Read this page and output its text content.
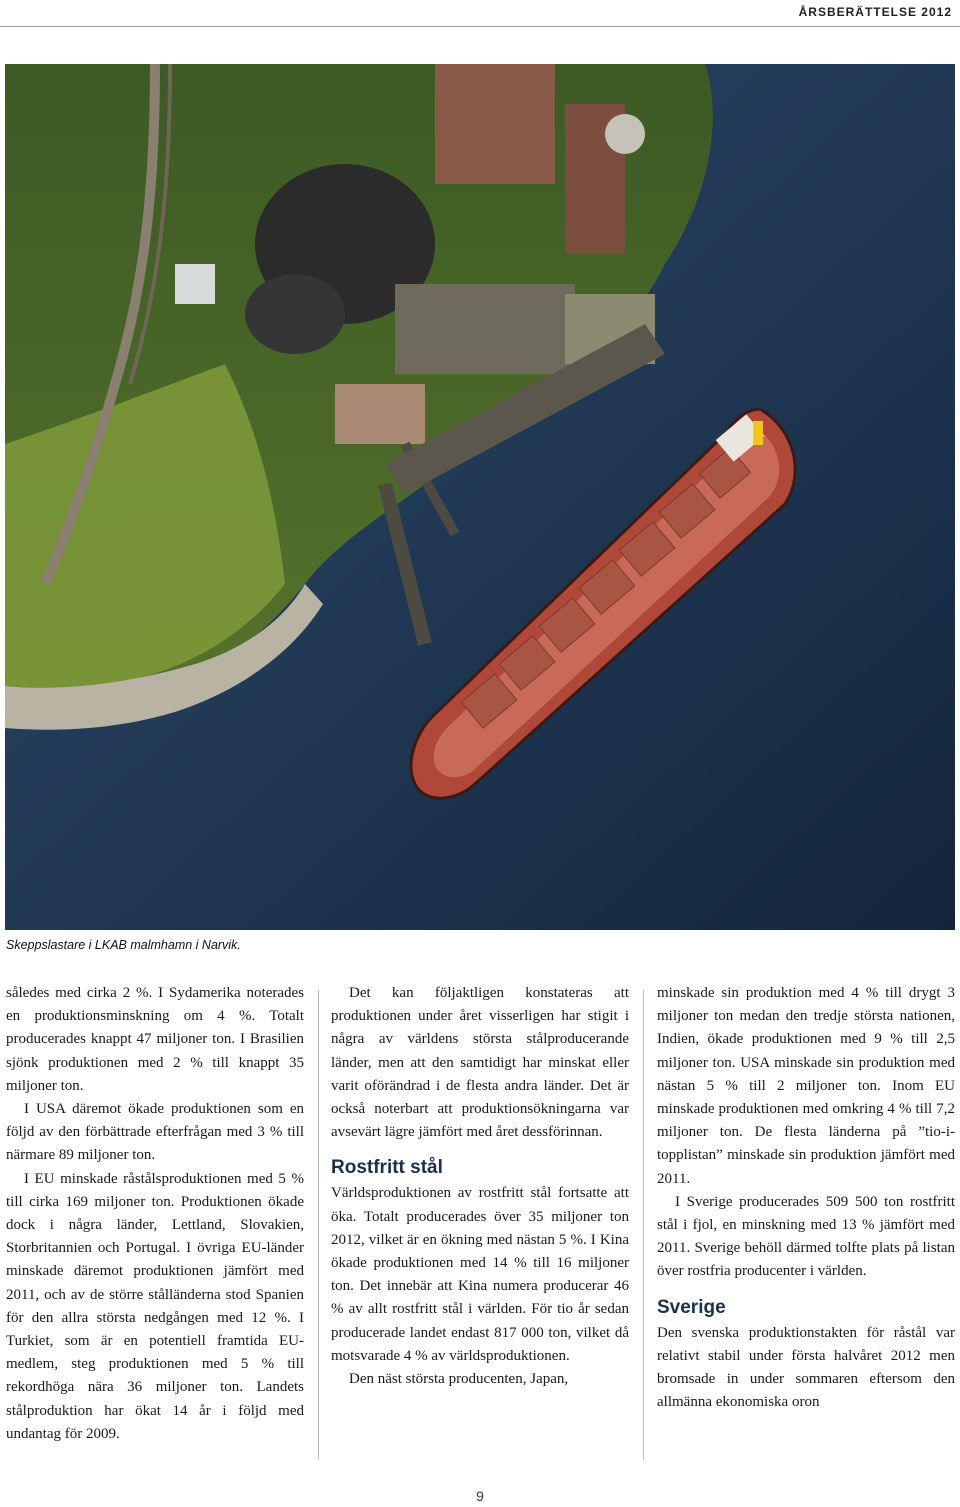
ÅRSBERÄTTELSE 2012
Skeppslastare i LKAB malmhamn i Narvik.

således med cirka 2 %. I Sydamerika noterades en produktionsminskning om 4 %. Totalt producerades knappt 47 miljoner ton. I Brasilien sjönk produktionen med 2 % till knappt 35 miljoner ton.

I USA däremot ökade produktionen som en följd av den förbättrade efterfrågan med 3 % till närmare 89 miljoner ton.

I EU minskade råstålsproduktionen med 5 % till cirka 169 miljoner ton. Produktionen ökade dock i några länder, Lettland, Slovakien, Storbritannien och Portugal. I övriga EU-länder minskade däremot produktionen jämfört med 2011, och av de större stålländerna stod Spanien för den allra största nedgången med 12 %. I Turkiet, som är en potentiell framtida EU-medlem, steg produktionen med 5 % till rekordhöga nära 36 miljoner ton. Landets stålproduktion har ökat 14 år i följd med undantag för 2009.

Det kan följaktligen konstateras att produktionen under året visserligen har stigit i några av världens största stålproducerande länder, men att den samtidigt har minskat eller varit oförändrad i de flesta andra länder. Det är också noterbart att produktionsökningarna var avsevärt lägre jämfört med året dessförinnan.

Rostfritt stål

Världsproduktionen av rostfritt stål fortsatte att öka. Totalt producerades över 35 miljoner ton 2012, vilket är en ökning med nästan 5 %. I Kina ökade produktionen med 14 % till 16 miljoner ton. Det innebär att Kina numera producerar 46 % av allt rostfritt stål i världen. För tio år sedan producerade landet endast 817 000 ton, vilket då motsvarade 4 % av världsproduktionen.

Den näst största producenten, Japan,

minskade sin produktion med 4 % till drygt 3 miljoner ton medan den tredje största nationen, Indien, ökade produktionen med 9 % till 2,5 miljoner ton. USA minskade sin produktion med nästan 5 % till 2 miljoner ton. Inom EU minskade produktionen med omkring 4 % till 7,2 miljoner ton. De flesta länderna på ”tio-i-topplistan” minskade sin produktion jämfört med 2011.

I Sverige producerades 509 500 ton rostfritt stål i fjol, en minskning med 13 % jämfört med 2011. Sverige behöll därmed tolfte plats på listan över rostfria producenter i världen.

Sverige

Den svenska produktionstakten för råstål var relativt stabil under första halvåret 2012 men bromsade in under sommaren eftersom den allmänna ekonomiska oron

9
